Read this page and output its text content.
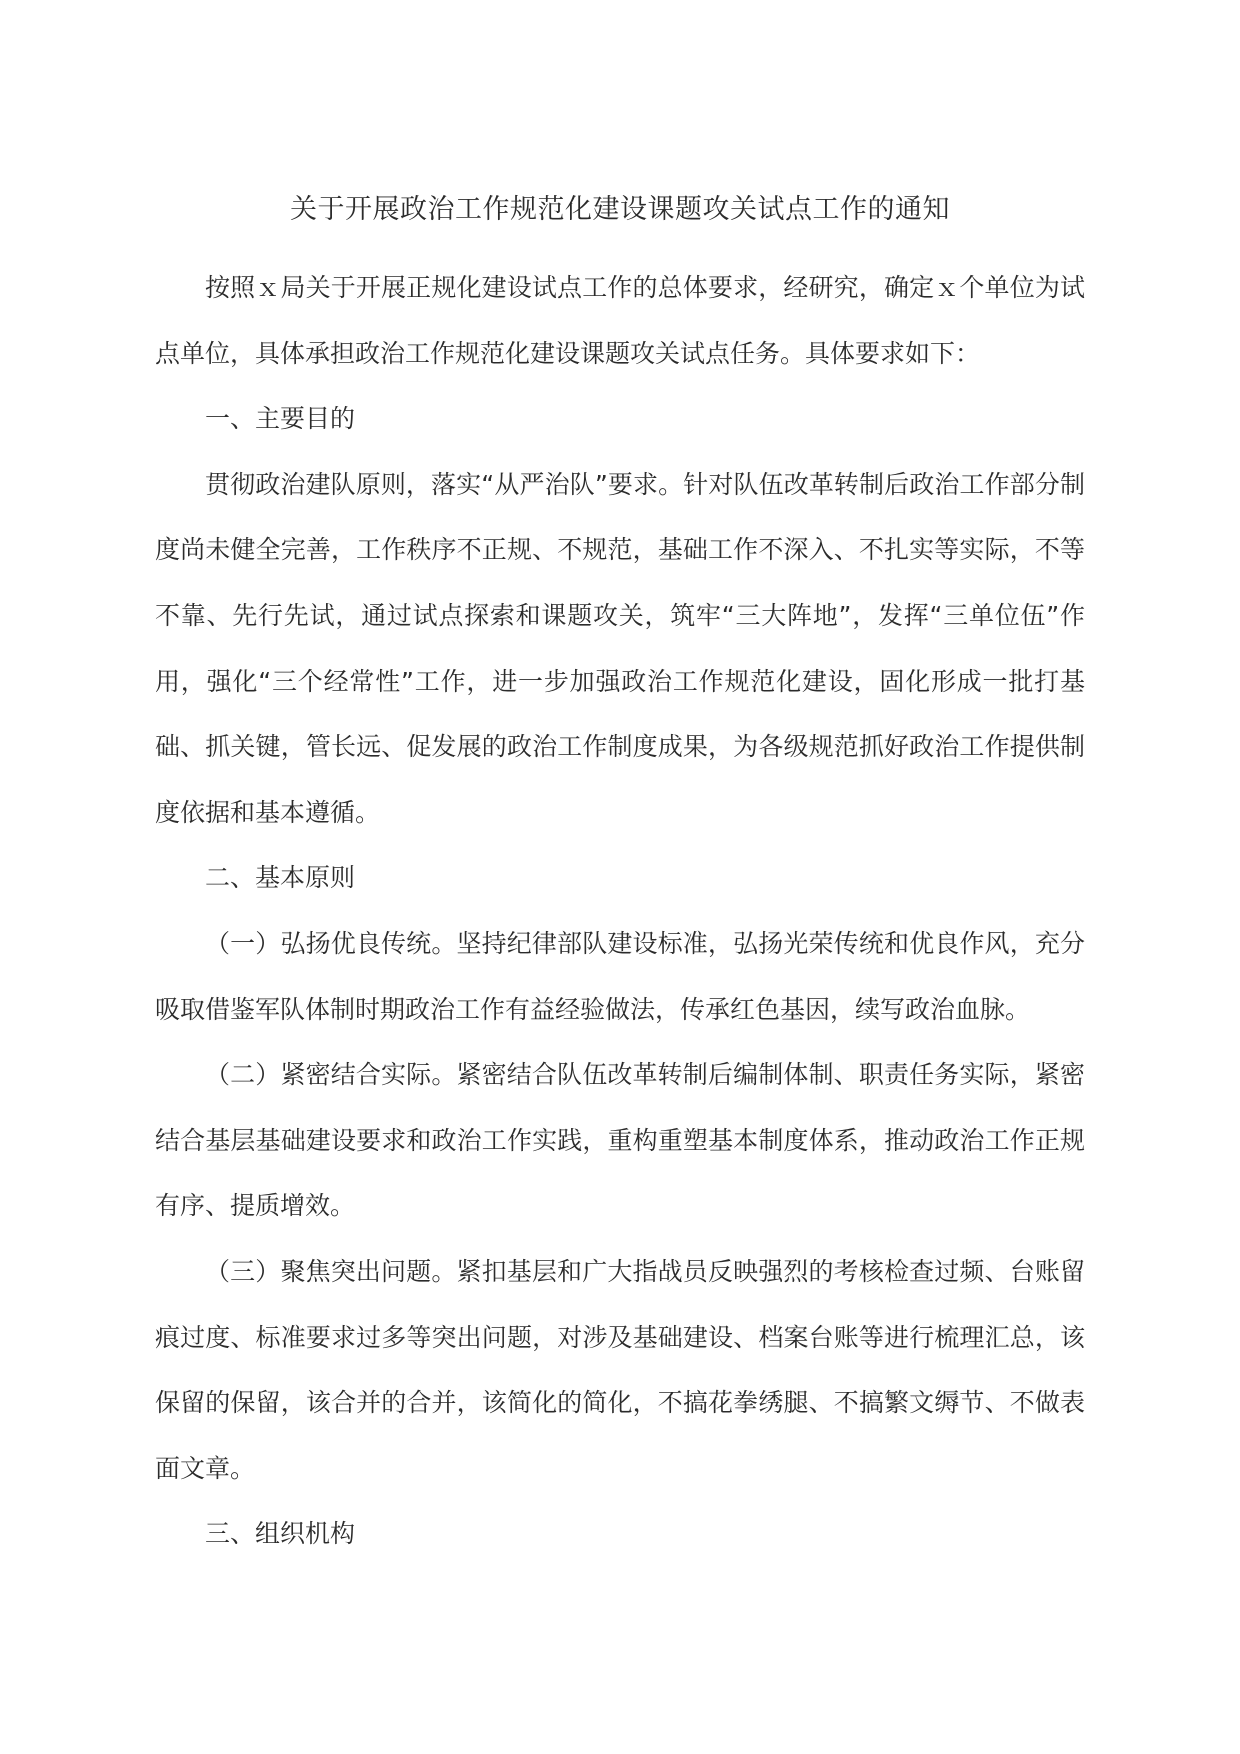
关于开展政治工作规范化建设课题攻关试点工作的通知

按照ｘ局关于开展正规化建设试点工作的总体要求，经研究，确定ｘ个单位为试点单位，具体承担政治工作规范化建设课题攻关试点任务。具体要求如下：

一、主要目的

贯彻政治建队原则，落实“从严治队”要求。针对队伍改革转制后政治工作部分制度尚未健全完善，工作秩序不正规、不规范，基础工作不深入、不扎实等实际，不等不靠、先行先试，通过试点探索和课题攻关，筑牢“三大阵地”，发挥“三单位伍”作用，强化“三个经常性”工作，进一步加强政治工作规范化建设，固化形成一批打基础、抓关键，管长远、促发展的政治工作制度成果，为各级规范抓好政治工作提供制度依据和基本遵循。

二、基本原则

（一）弘扬优良传统。坚持纪律部队建设标准，弘扬光荣传统和优良作风，充分吸取借鉴军队体制时期政治工作有益经验做法，传承红色基因，续写政治血脉。

（二）紧密结合实际。紧密结合队伍改革转制后编制体制、职责任务实际，紧密结合基层基础建设要求和政治工作实践，重构重塑基本制度体系，推动政治工作正规有序、提质增效。

（三）聚焦突出问题。紧扣基层和广大指战员反映强烈的考核检查过频、台账留痕过度、标准要求过多等突出问题，对涉及基础建设、档案台账等进行梳理汇总，该保留的保留，该合并的合并，该简化的简化，不搞花拳绣腿、不搞繁文缛节、不做表面文章。

三、组织机构
